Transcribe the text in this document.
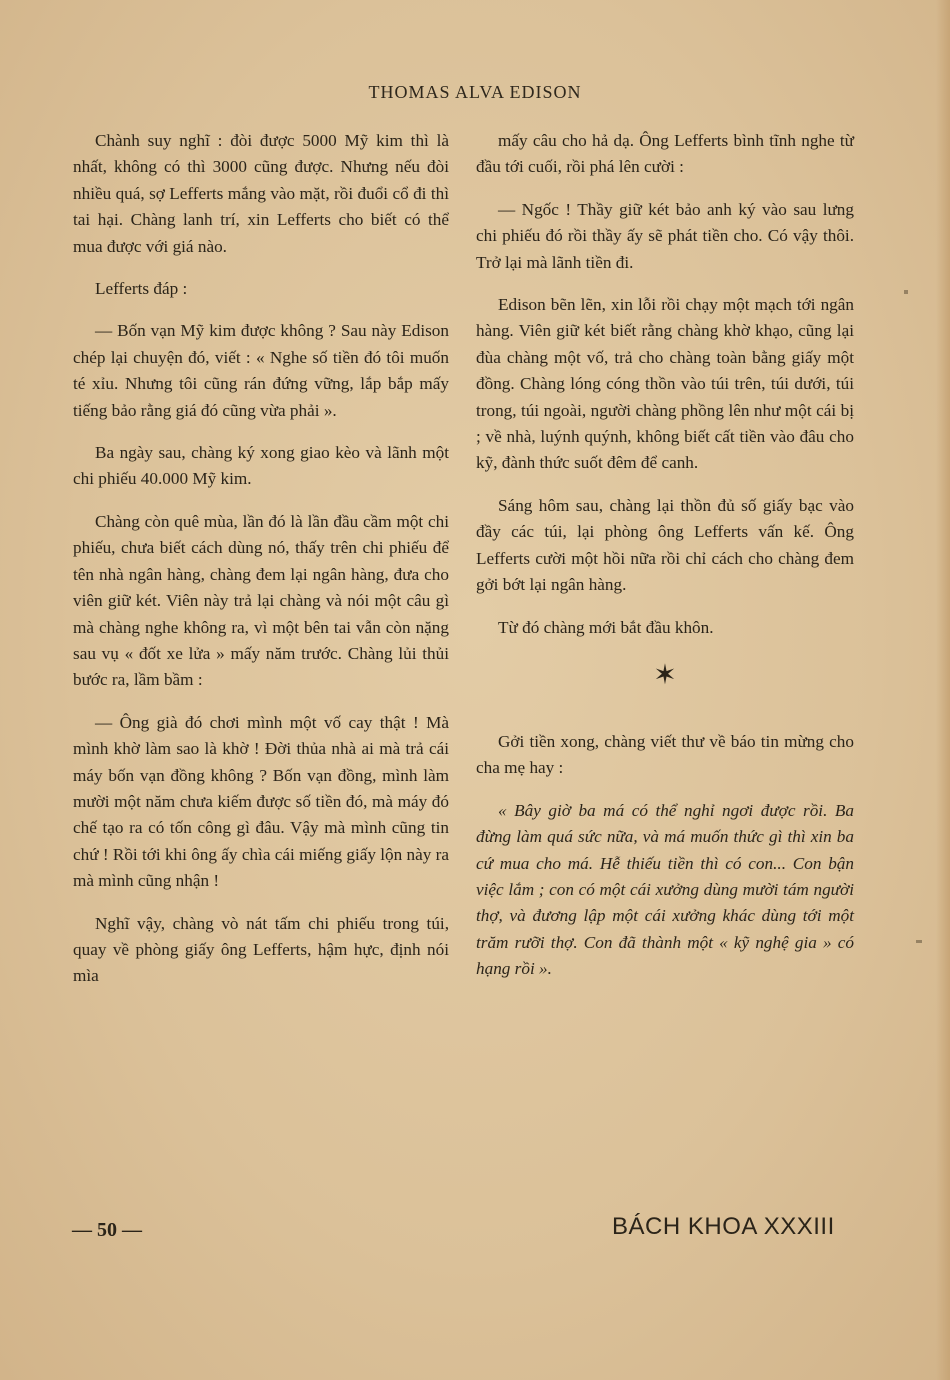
THOMAS ALVA EDISON

Chành suy nghĩ : đòi được 5000 Mỹ kim thì là nhất, không có thì 3000 cũng được. Nhưng nếu đòi nhiều quá, sợ Lefferts mắng vào mặt, rồi đuổi cổ đi thì tai hại. Chàng lanh trí, xin Lefferts cho biết có thể mua được với giá nào.

Lefferts đáp :

— Bốn vạn Mỹ kim được không ? Sau này Edison chép lại chuyện đó, viết : « Nghe số tiền đó tôi muốn té xỉu. Nhưng tôi cũng rán đứng vững, lắp bắp mấy tiếng bảo rằng giá đó cũng vừa phải ».

Ba ngày sau, chàng ký xong giao kèo và lãnh một chi phiếu 40.000 Mỹ kim.

Chàng còn quê mùa, lần đó là lần đầu cầm một chi phiếu, chưa biết cách dùng nó, thấy trên chi phiếu để tên nhà ngân hàng, chàng đem lại ngân hàng, đưa cho viên giữ két. Viên này trả lại chàng và nói một câu gì mà chàng nghe không ra, vì một bên tai vẫn còn nặng sau vụ « đốt xe lửa » mấy năm trước. Chàng lủi thủi bước ra, lầm bầm :

— Ông già đó chơi mình một vố cay thật ! Mà mình khờ làm sao là khờ ! Đời thủa nhà ai mà trả cái máy bốn vạn đồng không ? Bốn vạn đồng, mình làm mười một năm chưa kiếm được số tiền đó, mà máy đó chế tạo ra có tốn công gì đâu. Vậy mà mình cũng tin chứ ! Rồi tới khi ông ấy chìa cái miếng giấy lộn này ra mà mình cũng nhận !

Nghĩ vậy, chàng vò nát tấm chi phiếu trong túi, quay về phòng giấy ông Lefferts, hậm hực, định nói mìa

mấy câu cho hả dạ. Ông Lefferts bình tĩnh nghe từ đầu tới cuối, rồi phá lên cười :

— Ngốc ! Thầy giữ két bảo anh ký vào sau lưng chi phiếu đó rồi thầy ấy sẽ phát tiền cho. Có vậy thôi. Trở lại mà lãnh tiền đi.

Edison bẽn lẽn, xin lỗi rồi chạy một mạch tới ngân hàng. Viên giữ két biết rằng chàng khờ khạo, cũng lại đùa chàng một vố, trả cho chàng toàn bằng giấy một đồng. Chàng lóng cóng thồn vào túi trên, túi dưới, túi trong, túi ngoài, người chàng phồng lên như một cái bị ; về nhà, luýnh quýnh, không biết cất tiền vào đâu cho kỹ, đành thức suốt đêm để canh.

Sáng hôm sau, chàng lại thồn đủ số giấy bạc vào đầy các túi, lại phòng ông Lefferts vấn kế. Ông Lefferts cười một hồi nữa rồi chỉ cách cho chàng đem gởi bớt lại ngân hàng.

Từ đó chàng mới bắt đầu khôn.

✶

Gởi tiền xong, chàng viết thư về báo tin mừng cho cha mẹ hay :

« Bây giờ ba má có thể nghỉ ngơi được rồi. Ba đừng làm quá sức nữa, và má muốn thức gì thì xin ba cứ mua cho má. Hễ thiếu tiền thì có con... Con bận việc lắm ; con có một cái xưởng dùng mười tám người thợ, và đương lập một cái xưởng khác dùng tới một trăm rưỡi thợ. Con đã thành một « kỹ nghệ gia » có hạng rồi ».

— 50 —	BÁCH KHOA XXXIII
